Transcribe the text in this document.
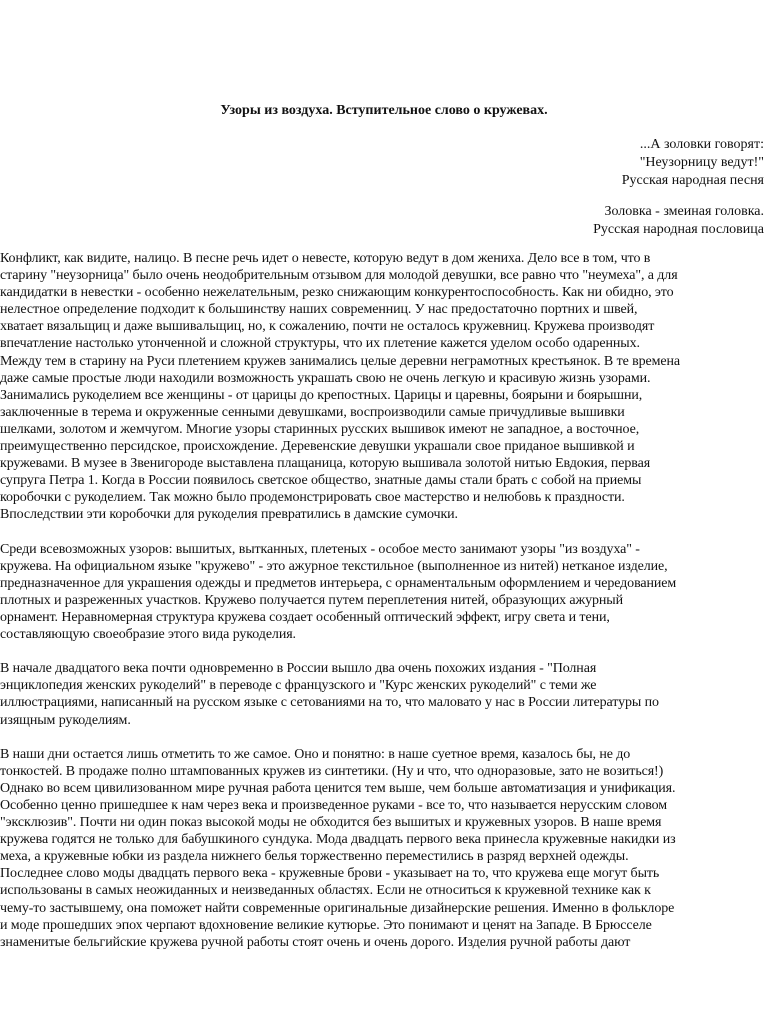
Узоры из воздуха. Вступительное слово о кружевах.
...А золовки говорят:
"Неузорницу ведут!"
Русская народная песня
Золовка - змеиная головка.
Русская народная пословица
Конфликт, как видите, налицо. В песне речь идет о невесте, которую ведут в дом жениха. Дело все в том, что в
старину "неузорница" было очень неодобрительным отзывом для молодой девушки, все равно что "неумеха", а для
кандидатки в невестки - особенно нежелательным, резко снижающим конкурентоспособность. Как ни обидно, это
нелестное определение подходит к большинству наших современниц. У нас предостаточно портних и швей,
хватает вязальщиц и даже вышивальщиц, но, к сожалению, почти не осталось кружевниц. Кружева производят
впечатление настолько утонченной и сложной структуры, что их плетение кажется уделом особо одаренных.
Между тем в старину на Руси плетением кружев занимались целые деревни неграмотных крестьянок. В те времена
даже самые простые люди находили возможность украшать свою не очень легкую и красивую жизнь узорами.
Занимались рукоделием все женщины - от царицы до крепостных. Царицы и царевны, боярыни и боярышни,
заключенные в терема и окруженные сенными девушками, воспроизводили самые причудливые вышивки
шелками, золотом и жемчугом. Многие узоры старинных русских вышивок имеют не западное, а восточное,
преимущественно персидское, происхождение. Деревенские девушки украшали свое приданое вышивкой и
кружевами. В музее в Звенигороде выставлена плащаница, которую вышивала золотой нитью Евдокия, первая
супруга Петра 1. Когда в России появилось светское общество, знатные дамы стали брать с собой на приемы
коробочки с рукоделием. Так можно было продемонстрировать свое мастерство и нелюбовь к праздности.
Впоследствии эти коробочки для рукоделия превратились в дамские сумочки.
Среди всевозможных узоров: вышитых, вытканных, плетеных - особое место занимают узоры "из воздуха" -
кружева. На официальном языке "кружево" - это ажурное текстильное (выполненное из нитей) нетканое изделие,
предназначенное для украшения одежды и предметов интерьера, с орнаментальным оформлением и чередованием
плотных и разреженных участков. Кружево получается путем переплетения нитей, образующих ажурный
орнамент. Неравномерная структура кружева создает особенный оптический эффект, игру света и тени,
составляющую своеобразие этого вида рукоделия.
В начале двадцатого века почти одновременно в России вышло два очень похожих издания - "Полная
энциклопедия женских рукоделий" в переводе с французского и "Курс женских рукоделий" с теми же
иллюстрациями, написанный на русском языке с сетованиями на то, что маловато у нас в России литературы по
изящным рукоделиям.
В наши дни остается лишь отметить то же самое. Оно и понятно: в наше суетное время, казалось бы, не до
тонкостей. В продаже полно штампованных кружев из синтетики. (Ну и что, что одноразовые, зато не возиться!)
Однако во всем цивилизованном мире ручная работа ценится тем выше, чем больше автоматизация и унификация.
Особенно ценно пришедшее к нам через века и произведенное руками - все то, что называется нерусским словом
"эксклюзив". Почти ни один показ высокой моды не обходится без вышитых и кружевных узоров. В наше время
кружева годятся не только для бабушкиного сундука. Мода двадцать первого века принесла кружевные накидки из
меха, а кружевные юбки из раздела нижнего белья торжественно переместились в разряд верхней одежды.
Последнее слово моды двадцать первого века - кружевные брови - указывает на то, что кружева еще могут быть
использованы в самых неожиданных и неизведанных областях. Если не относиться к кружевной технике как к
чему-то застывшему, она поможет найти современные оригинальные дизайнерские решения. Именно в фольклоре
и моде прошедших эпох черпают вдохновение великие кутюрье. Это понимают и ценят на Западе. В Брюсселе
знаменитые бельгийские кружева ручной работы стоят очень и очень дорого. Изделия ручной работы дают
